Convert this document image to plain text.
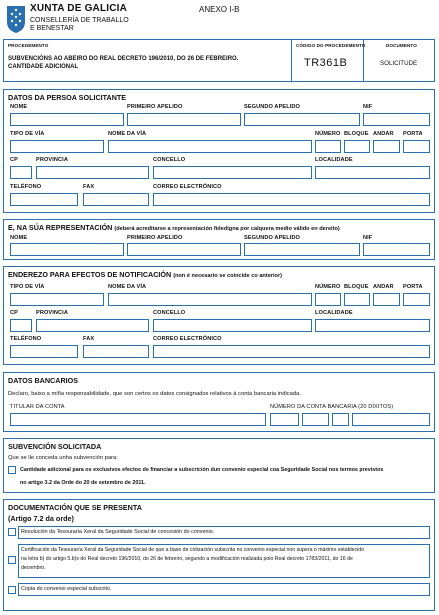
XUNTA DE GALICIA
CONSELLERÍA DE TRABALLO
E BENESTAR
ANEXO I-B
PROCEDEMENTO
SUBVENCIÓNS AO ABEIRO DO REAL DECRETO 196/2010, DO 26 DE FEBREIRO.
CANTIDADE ADICIONAL
CÓDIGO DO PROCEDEMENTO
TR361B
DOCUMENTO
SOLICITUDE
DATOS DA PERSOA SOLICITANTE
NOME	PRIMEIRO APELIDO	SEGUNDO APELIDO	NIF
TIPO DE VÍA	NOME DA VÍA	NÚMERO BLOQUE ANDAR PORTA
CP	PROVINCIA	CONCELLO	LOCALIDADE
TELÉFONO	FAX	CORREO ELECTRÓNICO
E, NA SÚA REPRESENTACIÓN (deberá acreditarse a representación fidedigna por calquera medio válido en dereito)
NOME	PRIMEIRO APELIDO	SEGUNDO APELIDO	NIF
ENDEREZO PARA EFECTOS DE NOTIFICACIÓN (non é necesario se coincide co anterior)
TIPO DE VÍA	NOME DA VÍA	NÚMERO BLOQUE ANDAR PORTA
CP	PROVINCIA	CONCELLO	LOCALIDADE
TELÉFONO	FAX	CORREO ELECTRÓNICO
DATOS BANCARIOS
Declaro, baixo a miña responsabilidade, que son certos os datos consignados relativos á conta bancaria indicada.
TITULAR DA CONTA	NÚMERO DA CONTA BANCARIA (20 DÍXITOS)
SUBVENCIÓN SOLICITADA
Que se lle conceda unha subvención para:
Cantidade adicional para os exclusivos efectos de financiar a subscrición dun convenio especial coa Seguridade Social nos termos previstos
no artigo 3.2 da Orde do 20 de setembro de 2011.
DOCUMENTACIÓN QUE SE PRESENTA
(Artigo 7.2 da orde)
Resolución da Tesouraría Xeral da Seguridade Social de concesión do convenio.
Certificación da Tesouraría Xeral da Seguridade Social de que a base de cotización subscrita no convenio especial non supera o máximo establecido
na letra b) do artigo 5.b)s do Real decreto 196/2010, do 26 de febreiro, segundo a modificación realizada polo Real decreto 1783/2011, do 16 de
decembro.
Copia do convenio especial subscrito.
